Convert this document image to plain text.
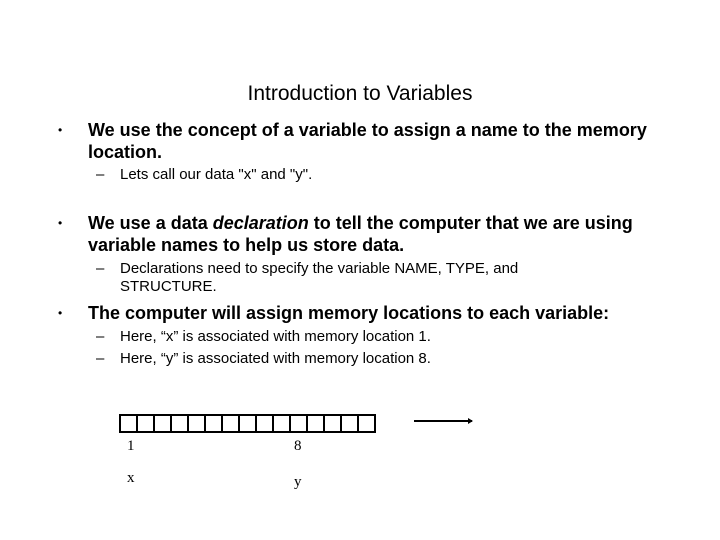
Introduction to Variables
• We use the concept of a variable to assign a name to the memory location.
– Lets call our data "x" and "y".
• We use a data declaration to tell the computer that we are using variable names to help us store data.
– Declarations need to specify the variable NAME, TYPE, and STRUCTURE.
• The computer will assign memory locations to each variable:
– Here, “x” is associated with memory location 1.
– Here, “y” is associated with memory location 8.
1	8
x	y
